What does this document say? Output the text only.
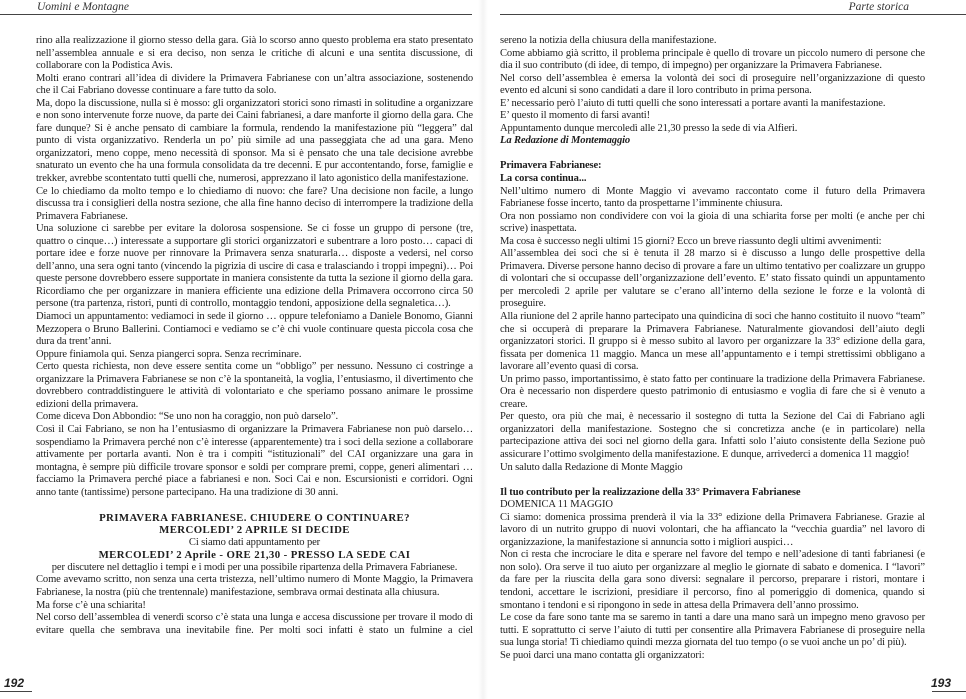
Uomini e Montagne

rino alla realizzazione il giorno stesso della gara. Già lo scorso anno questo problema era stato presentato nell’assemblea annuale e si era deciso, non senza le critiche di alcuni e una sentita discussione, di collaborare con la Podistica Avis.

Molti erano contrari all’idea di dividere la Primavera Fabrianese con un’altra associazione, sostenendo che il Cai Fabriano dovesse continuare a fare tutto da solo.

Ma, dopo la discussione, nulla si è mosso: gli organizzatori storici sono rimasti in solitudine a organizzare e non sono intervenute forze nuove, da parte dei Caini fabrianesi, a dare manforte il giorno della gara. Che fare dunque? Si è anche pensato di cambiare la formula, rendendo la manifestazione più “leggera” dal punto di vista organizzativo. Renderla un po’ più simile ad una passeggiata che ad una gara. Meno organizzatori, meno coppe, meno necessità di sponsor. Ma si è pensato che una tale decisione avrebbe snaturato un evento che ha una formula consolidata da tre decenni. E pur accontentando, forse, famiglie e trekker, avrebbe scontentato tutti quelli che, numerosi, apprezzano il lato agonistico della manifestazione.

Ce lo chiediamo da molto tempo e lo chiediamo di nuovo: che fare? Una decisione non facile, a lungo discussa tra i consiglieri della nostra sezione, che alla fine hanno deciso di interrompere la tradizione della Primavera Fabrianese.

Una soluzione ci sarebbe per evitare la dolorosa sospensione. Se ci fosse un gruppo di persone (tre, quattro o cinque…) interessate a supportare gli storici organizzatori e subentrare a loro posto… capaci di portare idee e forze nuove per rinnovare la Primavera senza snaturarla… disposte a vedersi, nel corso dell’anno, una sera ogni tanto (vincendo la pigrizia di uscire di casa e tralasciando i troppi impegni)… Poi queste persone dovrebbero essere supportate in maniera consistente da tutta la sezione il giorno della gara. Ricordiamo che per organizzare in maniera efficiente una edizione della Primavera occorrono circa 50 persone (tra partenza, ristori, punti di controllo, montaggio tendoni, apposizione della segnaletica…).

Diamoci un appuntamento: vediamoci in sede il giorno … oppure telefoniamo a Daniele Bonomo, Gianni Mezzopera o Bruno Ballerini. Contiamoci e vediamo se c’è chi vuole continuare questa piccola cosa che dura da trent’anni.

Oppure finiamola qui. Senza piangerci sopra. Senza recriminare.

Certo questa richiesta, non deve essere sentita come un “obbligo” per nessuno. Nessuno ci costringe a organizzare la Primavera Fabrianese se non c’è la spontaneità, la voglia, l’entusiasmo, il divertimento che dovrebbero contraddistinguere le attività di volontariato e che speriamo possano animare le prossime edizioni della primavera.

Come diceva Don Abbondio: “Se uno non ha coraggio, non può darselo”.

Così il Cai Fabriano, se non ha l’entusiasmo di organizzare la Primavera Fabrianese non può darselo… sospendiamo la Primavera perché non c’è interesse (apparentemente) tra i soci della sezione a collaborare attivamente per portarla avanti. Non è tra i compiti “istituzionali” del CAI organizzare una gara in montagna, è sempre più difficile trovare sponsor e soldi per comprare premi, coppe, generi alimentari …facciamo la Primavera perché piace a fabrianesi e non. Soci Cai e non. Escursionisti e corridori. Ogni anno tante (tantissime) persone partecipano. Ha una tradizione di 30 anni.

PRIMAVERA FABRIANESE. CHIUDERE O CONTINUARE?

MERCOLEDI’ 2 APRILE SI DECIDE

Ci siamo dati appuntamento per

MERCOLEDI’ 2 Aprile - ORE 21,30 - PRESSO LA SEDE CAI

per discutere nel dettaglio i tempi e i modi per una possibile ripartenza della Primavera Fabrianese.

Come avevamo scritto, non senza una certa tristezza, nell’ultimo numero di Monte Maggio, la Primavera Fabrianese, la nostra (più che trentennale) manifestazione, sembrava ormai destinata alla chiusura.

Ma forse c’è una schiarita!

Nel corso dell’assemblea di venerdì scorso c’è stata una lunga e accesa discussione per trovare il modo di evitare quella che sembrava una inevitabile fine. Per molti soci infatti è stato un fulmine a ciel

192
Parte storica

sereno la notizia della chiusura della manifestazione.

Come abbiamo già scritto, il problema principale è quello di trovare un piccolo numero di persone che dia il suo contributo (di idee, di tempo, di impegno) per organizzare la Primavera Fabrianese.

Nel corso dell’assemblea è emersa la volontà dei soci di proseguire nell’organizzazione di questo evento ed alcuni si sono candidati a dare il loro contributo in prima persona.

E’ necessario però l’aiuto di tutti quelli che sono interessati a portare avanti la manifestazione.

E’ questo il momento di farsi avanti!

Appuntamento dunque mercoledì alle 21,30 presso la sede di via Alfieri.

La Redazione di Montemaggio

Primavera Fabrianese:

La corsa continua...

Nell’ultimo numero di Monte Maggio vi avevamo raccontato come il futuro della Primavera Fabrianese fosse incerto, tanto da prospettarne l’imminente chiusura.

Ora non possiamo non condividere con voi la gioia di una schiarita forse per molti (e anche per chi scrive) inaspettata.

Ma cosa è successo negli ultimi 15 giorni? Ecco un breve riassunto degli ultimi avvenimenti:

All’assemblea dei soci che si è tenuta il 28 marzo si è discusso a lungo delle prospettive della Primavera. Diverse persone hanno deciso di provare a fare un ultimo tentativo per coalizzare un gruppo di volontari che si occupasse dell’organizzazione dell’evento. E’ stato fissato quindi un appuntamento per mercoledì 2 aprile per valutare se c’erano all’interno della sezione le forze e la volontà di proseguire.

Alla riunione del 2 aprile hanno partecipato una quindicina di soci che hanno costituito il nuovo “team” che si occuperà di preparare la Primavera Fabrianese. Naturalmente giovandosi dell’aiuto degli organizzatori storici. Il gruppo si è messo subito al lavoro per organizzare la 33° edizione della gara, fissata per domenica 11 maggio. Manca un mese all’appuntamento e i tempi strettissimi obbligano a lavorare all’evento quasi di corsa.

Un primo passo, importantissimo, è stato fatto per continuare la tradizione della Primavera Fabrianese. Ora è necessario non disperdere questo patrimonio di entusiasmo e voglia di fare che si è venuto a creare.

Per questo, ora più che mai, è necessario il sostegno di tutta la Sezione del Cai di Fabriano agli organizzatori della manifestazione. Sostegno che si concretizza anche (e in particolare) nella partecipazione attiva dei soci nel giorno della gara. Infatti solo l’aiuto consistente della Sezione può assicurare l’ottimo svolgimento della manifestazione. E dunque, arrivederci a domenica 11 maggio!

Un saluto dalla Redazione di Monte Maggio

Il tuo contributo per la realizzazione della 33° Primavera Fabrianese

DOMENICA 11 MAGGIO

Ci siamo: domenica prossima prenderà il via la 33° edizione della Primavera Fabrianese. Grazie al lavoro di un nutrito gruppo di nuovi volontari, che ha affiancato la “vecchia guardia” nel lavoro di organizzazione, la manifestazione si annuncia sotto i migliori auspici…

Non ci resta che incrociare le dita e sperare nel favore del tempo e nell’adesione di tanti fabrianesi (e non solo). Ora serve il tuo aiuto per organizzare al meglio le giornate di sabato e domenica. I “lavori” da fare per la riuscita della gara sono diversi: segnalare il percorso, preparare i ristori, montare i tendoni, accettare le iscrizioni, presidiare il percorso, fino al pomeriggio di domenica, quando si smontano i tendoni e si ripongono in sede in attesa della Primavera dell’anno prossimo.

Le cose da fare sono tante ma se saremo in tanti a dare una mano sarà un impegno meno gravoso per tutti. E soprattutto ci serve l’aiuto di tutti per consentire alla Primavera Fabrianese di proseguire nella sua lunga storia! Ti chiediamo quindi mezza giornata del tuo tempo (o se vuoi anche un po’ di più).

Se puoi darci una mano contatta gli organizzatori:

193
